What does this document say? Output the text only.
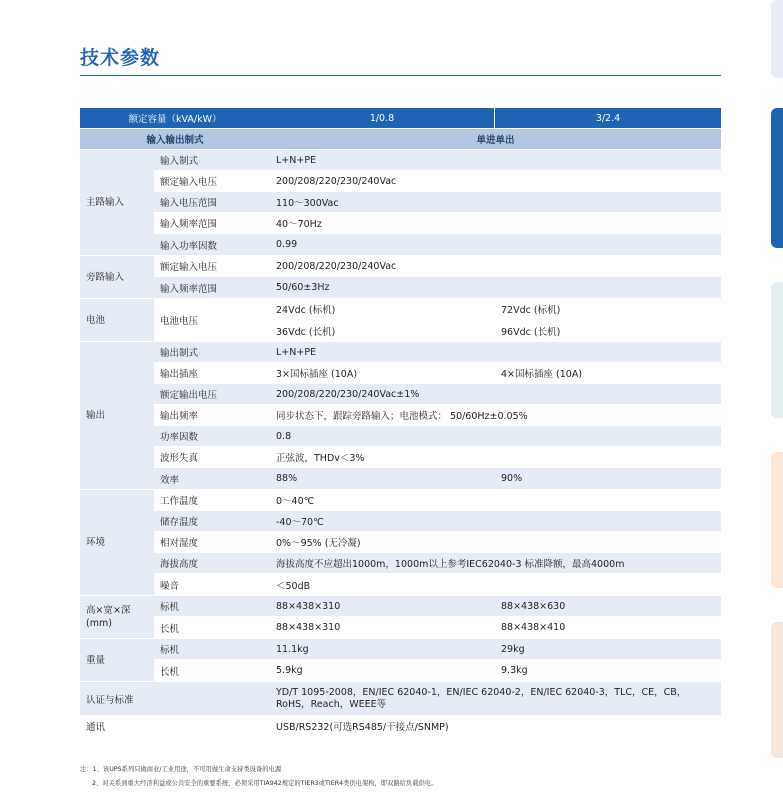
技术参数
额定容量（kVA/kW）	1/0.8	3/2.4
输入输出制式	单进单出
主路输入
输入制式	L+N+PE
额定输入电压	200/208/220/230/240Vac
输入电压范围	110～300Vac
输入频率范围	40～70Hz
输入功率因数	0.99
旁路输入
额定输入电压	200/208/220/230/240Vac
输入频率范围	50/60±3Hz
电池	电池电压
24Vdc (标机)	72Vdc (标机)
36Vdc (长机)	96Vdc (长机)
输出
输出制式	L+N+PE
输出插座	3×国标插座 (10A)	4×国标插座 (10A)
额定输出电压	200/208/220/230/240Vac±1%
输出频率	同步状态下，跟踪旁路输入；电池模式： 50/60Hz±0.05%
功率因数	0.8
波形失真	正弦波，THDv＜3%
效率	88%	90%
环境
工作温度	0～40℃
储存温度	-40～70℃
相对湿度	0%～95% (无冷凝)
海拔高度	海拔高度不应超出1000m，1000m以上参考IEC62040-3 标准降额，最高4000m
噪音	＜50dB
高×宽×深(mm)
标机	88×438×310	88×438×630
长机	88×438×310	88×438×410
重量
标机	11.1kg	29kg
长机	5.9kg	9.3kg
认证与标准
YD/T 1095-2008，EN/IEC 62040-1，EN/IEC 62040-2，EN/IEC 62040-3，TLC，CE，CB，RoHS，Reach，WEEE等
通讯	USB/RS232(可选RS485/干接点/SNMP)
注：1、该UPS系列只做商业/工业用途，不可用做生命支持类设备的电源
2、对关系到重大经济利益或公共安全的重要系统，必须采用TIA942规定的TIER3或TIER4类供电架构，即双路给负载供电。
